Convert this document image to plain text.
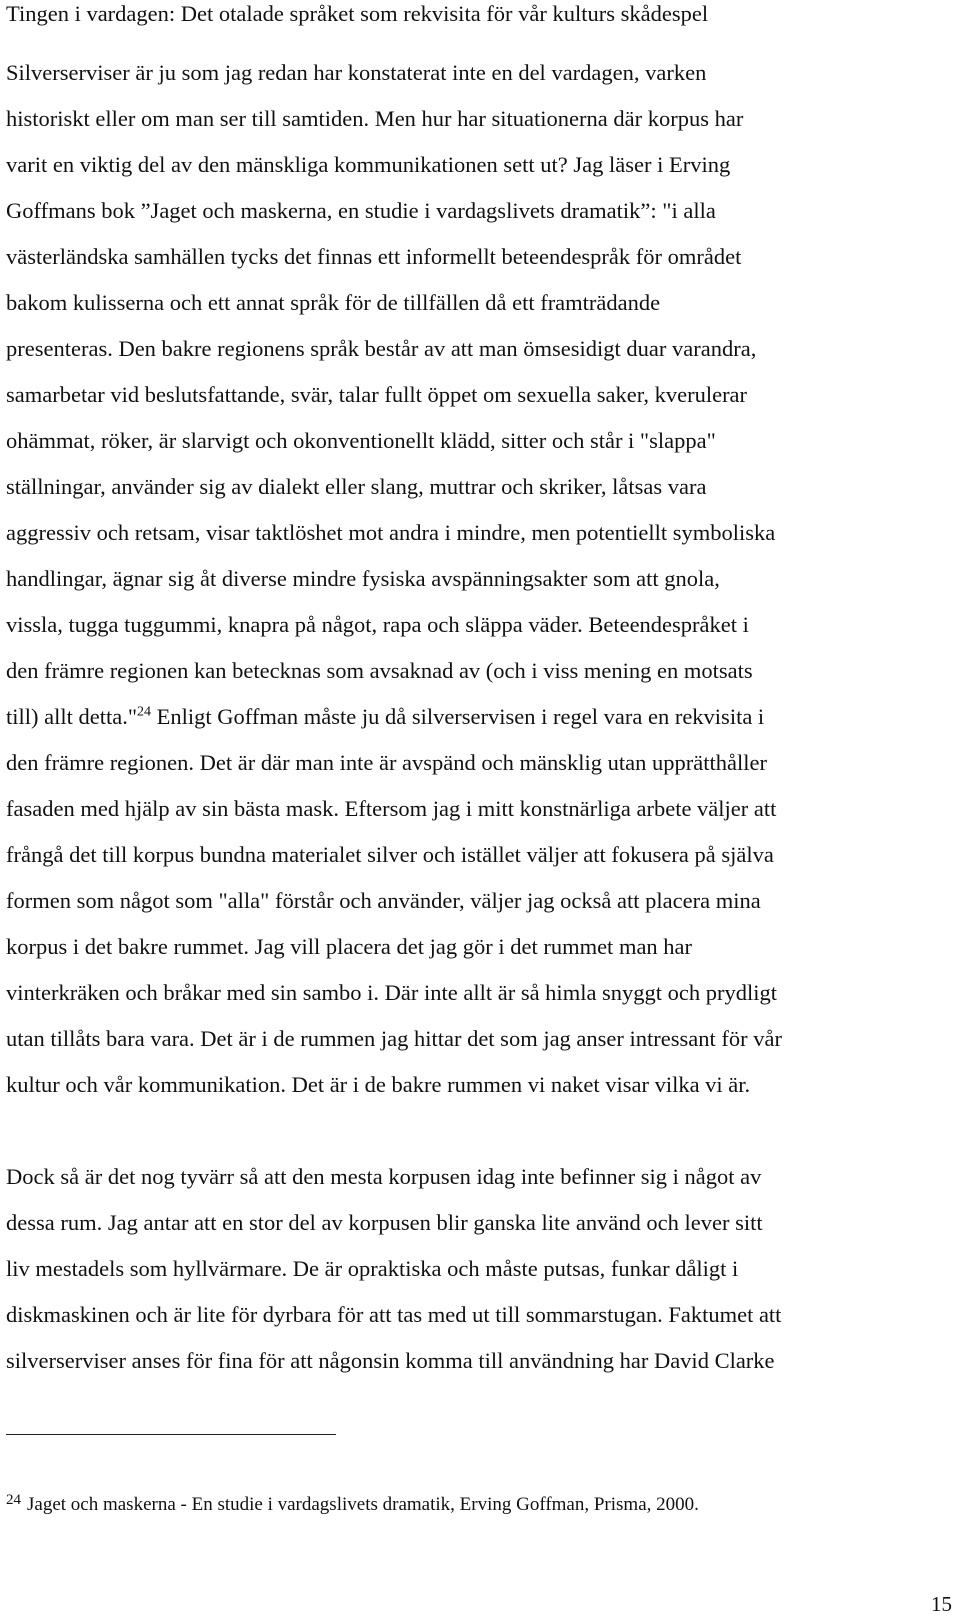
Tingen i vardagen: Det otalade språket som rekvisita för vår kulturs skådespel
Silverserviser är ju som jag redan har konstaterat inte en del vardagen, varken
historiskt eller om man ser till samtiden. Men hur har situationerna där korpus har
varit en viktig del av den mänskliga kommunikationen sett ut? Jag läser i Erving
Goffmans bok ”Jaget och maskerna, en studie i vardagslivets dramatik”: "i alla
västerländska samhällen tycks det finnas ett informellt beteendespråk för området
bakom kulisserna och ett annat språk för de tillfällen då ett framträdande
presenteras. Den bakre regionens språk består av att man ömsesidigt duar varandra,
samarbetar vid beslutsfattande, svär, talar fullt öppet om sexuella saker, kverulerar
ohämmat, röker, är slarvigt och okonventionellt klädd, sitter och står i "slappa"
ställningar, använder sig av dialekt eller slang, muttrar och skriker, låtsas vara
aggressiv och retsam, visar taktlöshet mot andra i mindre, men potentiellt symboliska
handlingar, ägnar sig åt diverse mindre fysiska avspänningsakter som att gnola,
vissla, tugga tuggummi, knapra på något, rapa och släppa väder. Beteendespråket i
den främre regionen kan betecknas som avsaknad av (och i viss mening en motsats
till) allt detta."$^{24}$ Enligt Goffman måste ju då silverservisen i regel vara en rekvisita i
den främre regionen. Det är där man inte är avspänd och mänsklig utan upprätthåller
fasaden med hjälp av sin bästa mask. Eftersom jag i mitt konstnärliga arbete väljer att
frångå det till korpus bundna materialet silver och istället väljer att fokusera på själva
formen som något som "alla" förstår och använder, väljer jag också att placera mina
korpus i det bakre rummet. Jag vill placera det jag gör i det rummet man har
vinterkräken och bråkar med sin sambo i. Där inte allt är så himla snyggt och prydligt
utan tillåts bara vara. Det är i de rummen jag hittar det som jag anser intressant för vår
kultur och vår kommunikation. Det är i de bakre rummen vi naket visar vilka vi är.
Dock så är det nog tyvärr så att den mesta korpusen idag inte befinner sig i något av
dessa rum. Jag antar att en stor del av korpusen blir ganska lite använd och lever sitt
liv mestadels som hyllvärmare. De är opraktiska och måste putsas, funkar dåligt i
diskmaskinen och är lite för dyrbara för att tas med ut till sommarstugan. Faktumet att
silverserviser anses för fina för att någonsin komma till användning har David Clarke
$^{24}$ Jaget och maskerna - En studie i vardagslivets dramatik, Erving Goffman, Prisma, 2000.
15
